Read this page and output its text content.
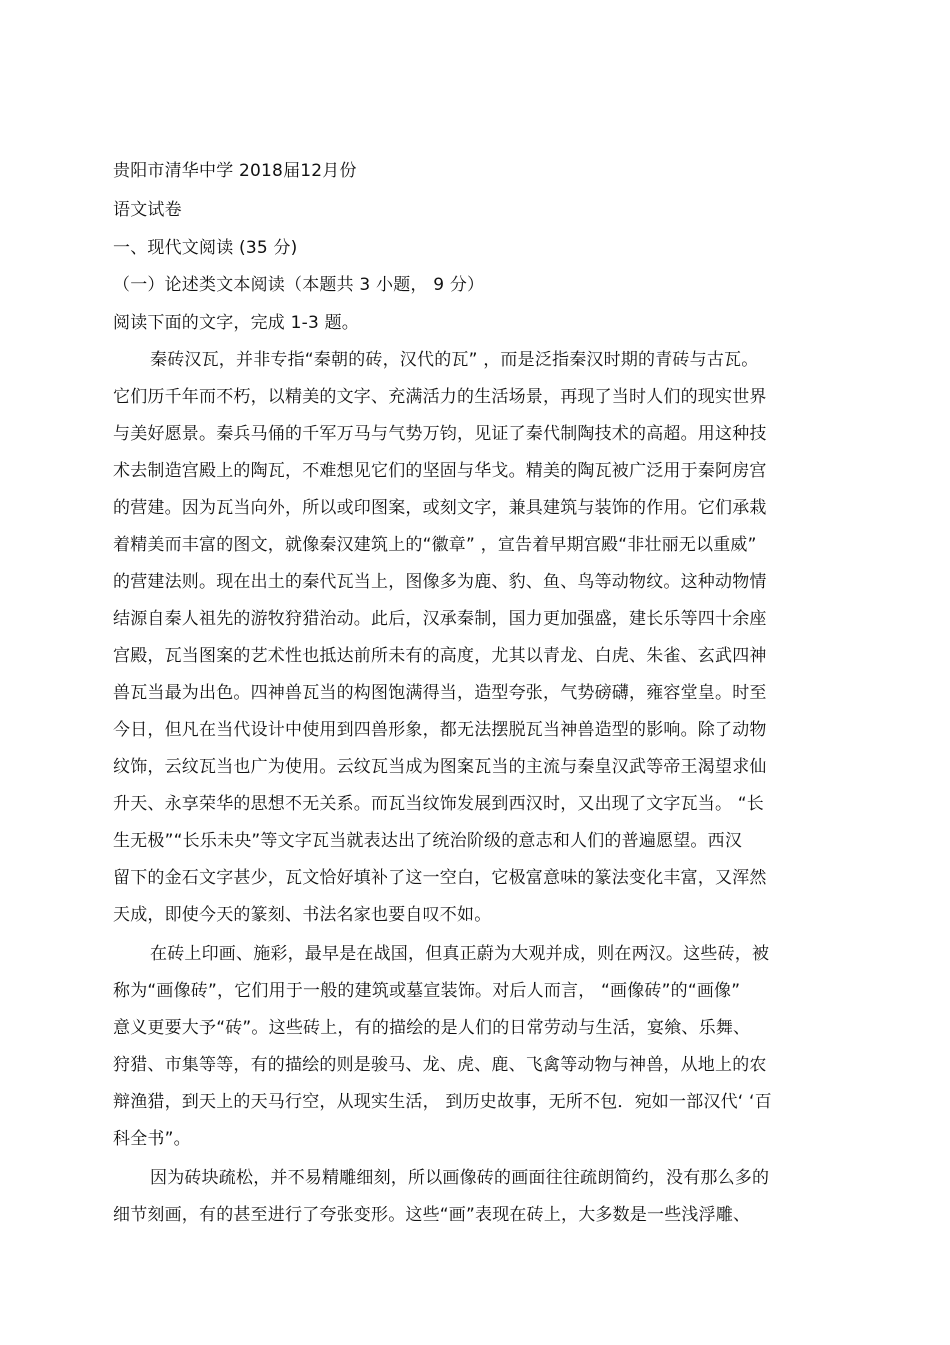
贵阳市清华中学 2018届12月份
语文试卷
一、现代文阅读 (35 分)
（一）论述类文本阅读（本题共 3 小题， 9 分）
阅读下面的文字，完成 1-3 题。
秦砖汉瓦，并非专指“秦朝的砖，汉代的瓦” ，而是泛指秦汉时期的青砖与古瓦。
它们历千年而不朽，以精美的文字、充满活力的生活场景，再现了当时人们的现实世界
与美好愿景。秦兵马俑的千军万马与气势万钧，见证了秦代制陶技术的高超。用这种技
术去制造宫殿上的陶瓦，不难想见它们的坚固与华戈。精美的陶瓦被广泛用于秦阿房宫
的营建。因为瓦当向外，所以或印图案，或刻文字，兼具建筑与装饰的作用。它们承栽
着精美而丰富的图文，就像秦汉建筑上的“徽章” ，宣告着早期宫殿“非壮丽无以重威”
的营建法则。现在出土的秦代瓦当上，图像多为鹿、豹、鱼、鸟等动物纹。这种动物情
结源自秦人祖先的游牧狩猎治动。此后，汉承秦制，国力更加强盛，建长乐等四十余座
宫殿，瓦当图案的艺术性也抵达前所未有的高度，尤其以青龙、白虎、朱雀、玄武四神
兽瓦当最为出色。四神兽瓦当的构图饱满得当，造型夸张，气势磅礴，雍容堂皇。时至
今日，但凡在当代设计中使用到四兽形象，都无法摆脱瓦当神兽造型的影响。除了动物
纹饰，云纹瓦当也广为使用。云纹瓦当成为图案瓦当的主流与秦皇汉武等帝王渴望求仙
升天、永享荣华的思想不无关系。而瓦当纹饰发展到西汉时，又出现了文字瓦当。 “长
生无极”“长乐未央”等文字瓦当就表达出了统治阶级的意志和人们的普遍愿望。西汉
留下的金石文字甚少，瓦文恰好填补了这一空白，它极富意味的篆法变化丰富，又浑然
天成，即使今天的篆刻、书法名家也要自叹不如。
在砖上印画、施彩，最早是在战国，但真正蔚为大观并成，则在两汉。这些砖，被
称为“画像砖”，它们用于一般的建筑或墓宣装饰。对后人而言， “画像砖”的“画像”
意义更要大予“砖”。这些砖上，有的描绘的是人们的日常劳动与生活，宴飨、乐舞、
狩猎、市集等等，有的描绘的则是骏马、龙、虎、鹿、飞禽等动物与神兽，从地上的农
辩渔猎，到天上的天马行空，从现实生活， 到历史故事，无所不包．宛如一部汉代‘ ‘百
科全书”。
因为砖块疏松，并不易精雕细刻，所以画像砖的画面往往疏朗简约，没有那么多的
细节刻画，有的甚至进行了夸张变形。这些“画”表现在砖上，大多数是一些浅浮雕、
